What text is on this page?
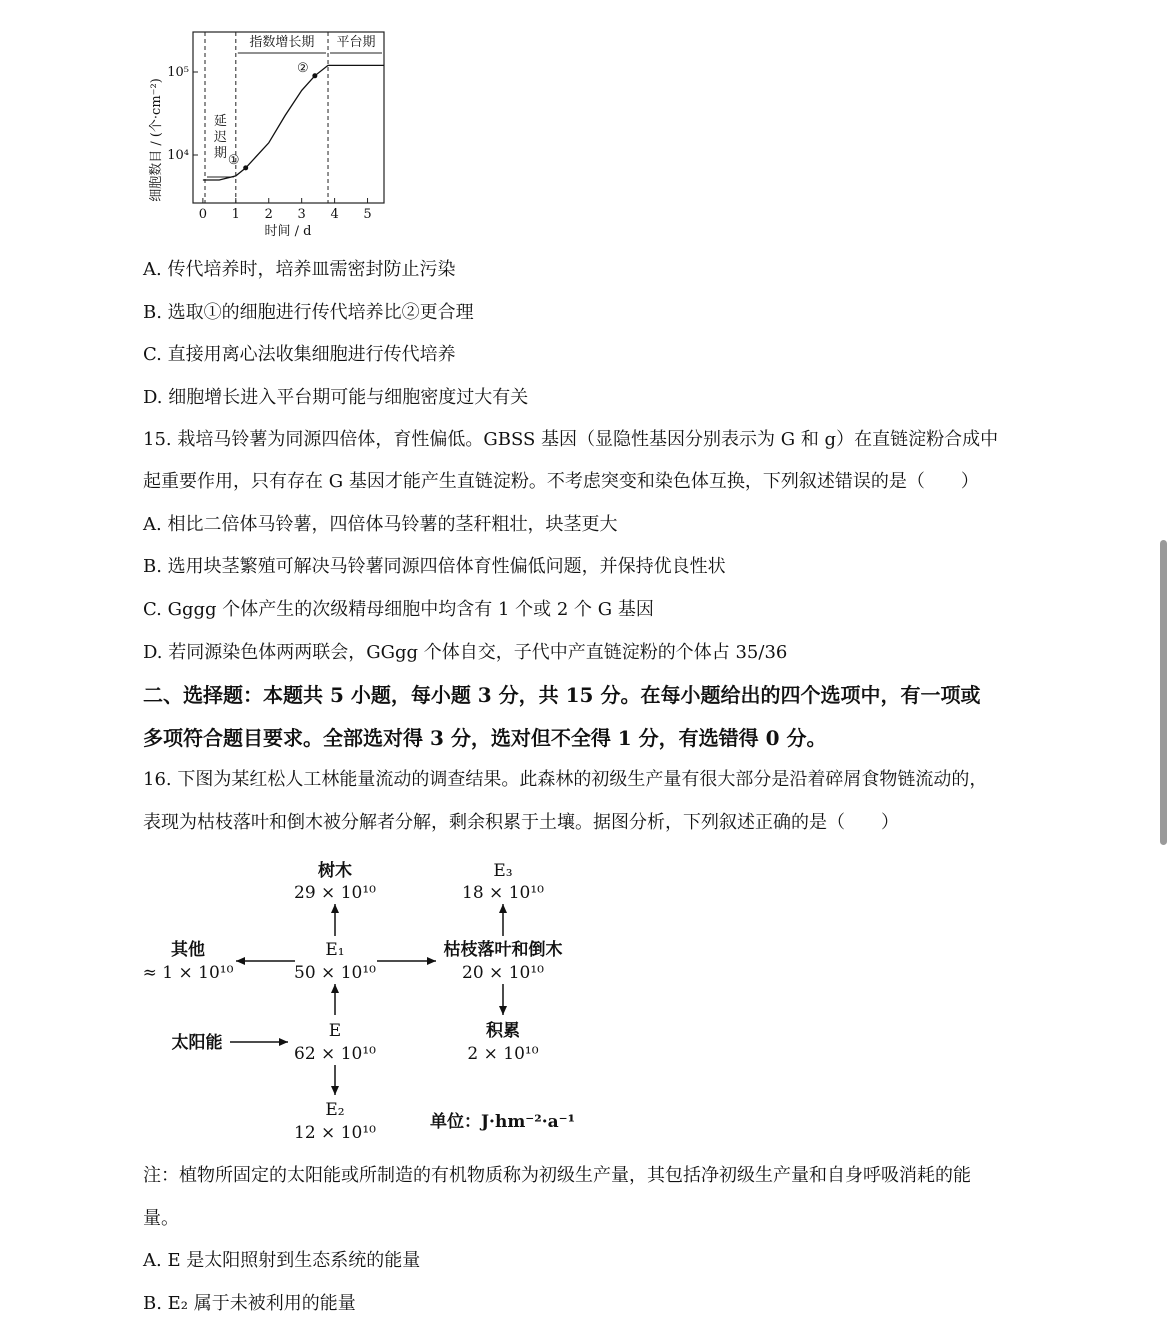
0 1 2 3 4 5
10⁴
10⁵
延
迟
期
指数增长期 平台期
①
②
细胞数目 / (个·cm⁻²)
时间 / d
A. 传代培养时，培养皿需密封防止污染
B. 选取①的细胞进行传代培养比②更合理
C. 直接用离心法收集细胞进行传代培养
D. 细胞增长进入平台期可能与细胞密度过大有关
15. 栽培马铃薯为同源四倍体，育性偏低。GBSS 基因（显隐性基因分别表示为 G 和 g）在直链淀粉合成中
起重要作用，只有存在 G 基因才能产生直链淀粉。不考虑突变和染色体互换，下列叙述错误的是（　　）
A. 相比二倍体马铃薯，四倍体马铃薯的茎秆粗壮，块茎更大
B. 选用块茎繁殖可解决马铃薯同源四倍体育性偏低问题，并保持优良性状
C. Gggg 个体产生的次级精母细胞中均含有 1 个或 2 个 G 基因
D. 若同源染色体两两联会，GGgg 个体自交，子代中产直链淀粉的个体占 35/36
二、选择题：本题共 5 小题，每小题 3 分，共 15 分。在每小题给出的四个选项中，有一项或
多项符合题目要求。全部选对得 3 分，选对但不全得 1 分，有选错得 0 分。
16. 下图为某红松人工林能量流动的调查结果。此森林的初级生产量有很大部分是沿着碎屑食物链流动的，
表现为枯枝落叶和倒木被分解者分解，剩余积累于土壤。据图分析，下列叙述正确的是（　　）
树木
29 × 10¹⁰
E₃
18 × 10¹⁰
其他
≈ 1 × 10¹⁰
E₁
50 × 10¹⁰
枯枝落叶和倒木
20 × 10¹⁰
太阳能
E
62 × 10¹⁰
积累
2 × 10¹⁰
E₂
12 × 10¹⁰
单位：J·hm⁻²·a⁻¹
注：植物所固定的太阳能或所制造的有机物质称为初级生产量，其包括净初级生产量和自身呼吸消耗的能
量。
A. E 是太阳照射到生态系统的能量
B. E₂ 属于未被利用的能量
